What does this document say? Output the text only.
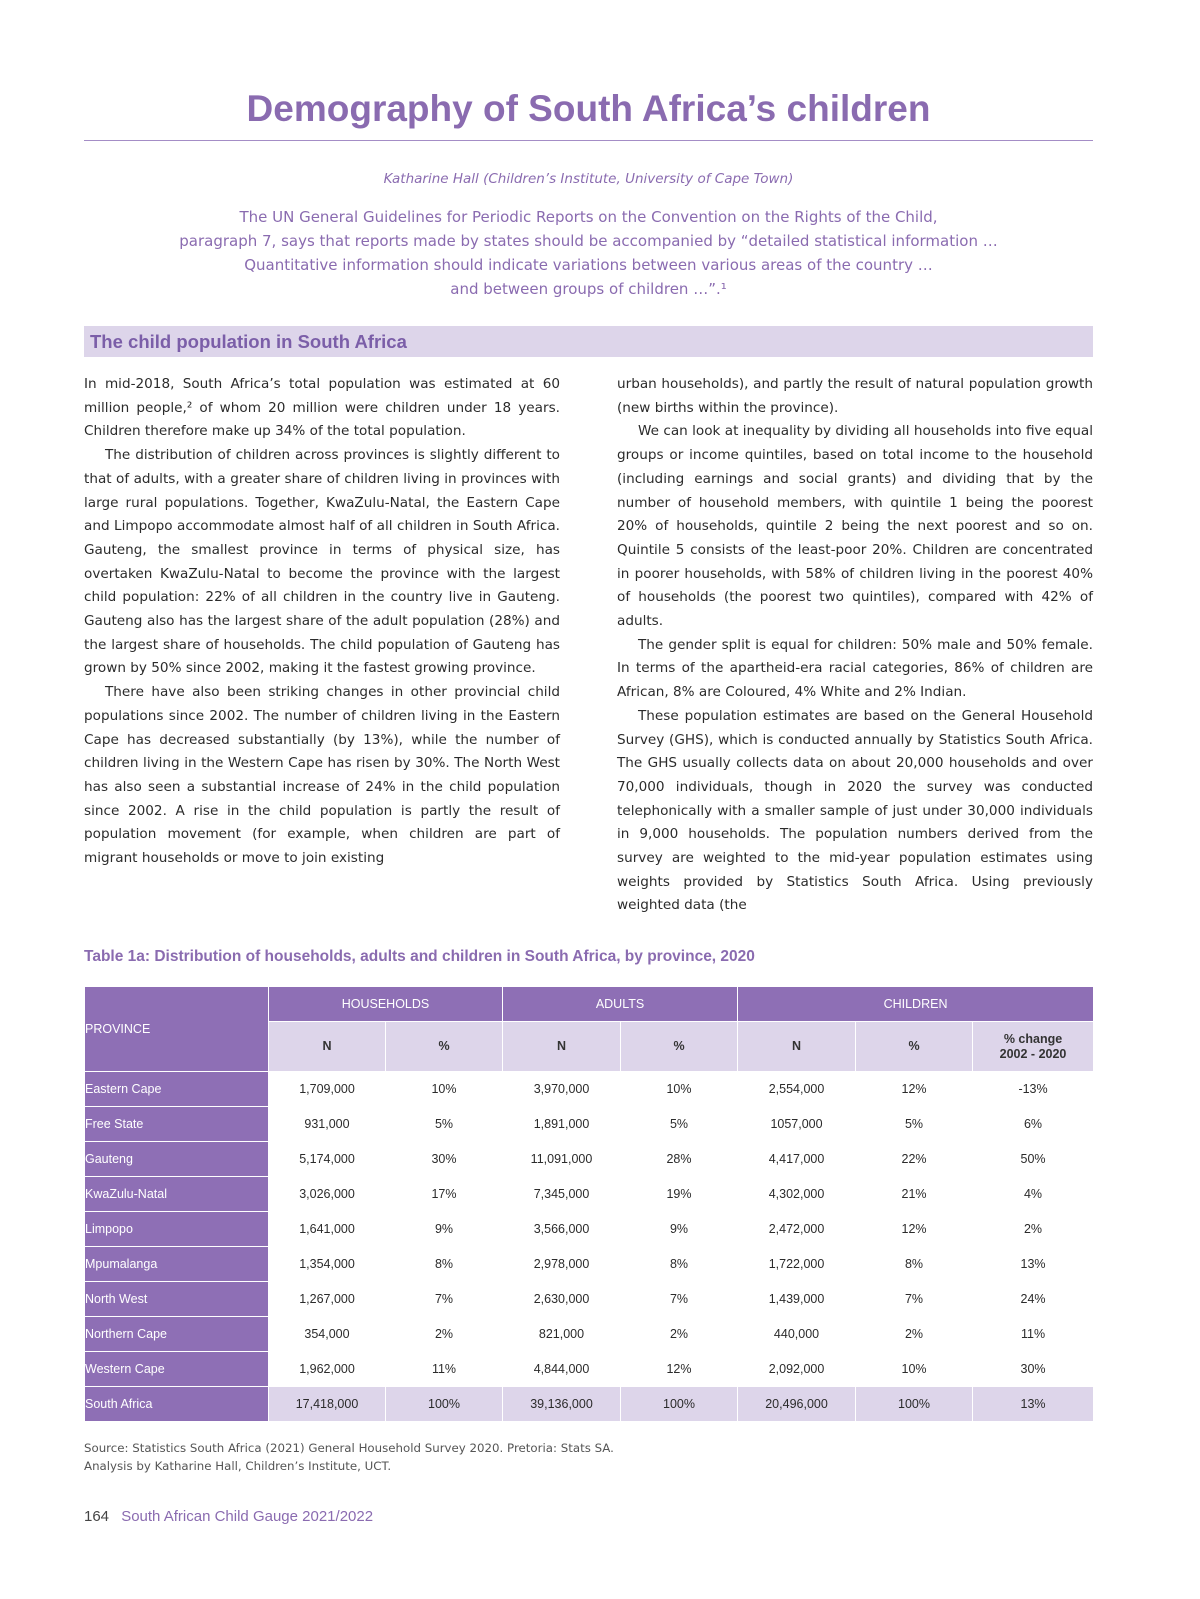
Demography of South Africa’s children
Katharine Hall (Children’s Institute, University of Cape Town)
The UN General Guidelines for Periodic Reports on the Convention on the Rights of the Child,
paragraph 7, says that reports made by states should be accompanied by “detailed statistical information …
Quantitative information should indicate variations between various areas of the country …
and between groups of children …”.¹
The child population in South Africa

In mid-2018, South Africa’s total population was estimated at 60 million people,² of whom 20 million were children under 18 years. Children therefore make up 34% of the total population.

The distribution of children across provinces is slightly different to that of adults, with a greater share of children living in provinces with large rural populations. Together, KwaZulu-Natal, the Eastern Cape and Limpopo accommodate almost half of all children in South Africa. Gauteng, the smallest province in terms of physical size, has overtaken KwaZulu-Natal to become the province with the largest child population: 22% of all children in the country live in Gauteng. Gauteng also has the largest share of the adult population (28%) and the largest share of households. The child population of Gauteng has grown by 50% since 2002, making it the fastest growing province.

There have also been striking changes in other provincial child populations since 2002. The number of children living in the Eastern Cape has decreased substantially (by 13%), while the number of children living in the Western Cape has risen by 30%. The North West has also seen a substantial increase of 24% in the child population since 2002. A rise in the child population is partly the result of population movement (for example, when children are part of migrant households or move to join existing

urban households), and partly the result of natural population growth (new births within the province).

We can look at inequality by dividing all households into five equal groups or income quintiles, based on total income to the household (including earnings and social grants) and dividing that by the number of household members, with quintile 1 being the poorest 20% of households, quintile 2 being the next poorest and so on. Quintile 5 consists of the least-poor 20%. Children are concentrated in poorer households, with 58% of children living in the poorest 40% of households (the poorest two quintiles), compared with 42% of adults.

The gender split is equal for children: 50% male and 50% female. In terms of the apartheid-era racial categories, 86% of children are African, 8% are Coloured, 4% White and 2% Indian.

These population estimates are based on the General Household Survey (GHS), which is conducted annually by Statistics South Africa. The GHS usually collects data on about 20,000 households and over 70,000 individuals, though in 2020 the survey was conducted telephonically with a smaller sample of just under 30,000 individuals in 9,000 households. The population numbers derived from the survey are weighted to the mid-year population estimates using weights provided by Statistics South Africa. Using previously weighted data (the

Table 1a: Distribution of households, adults and children in South Africa, by province, 2020
PROVINCE	HOUSEHOLDS		ADULTS		CHILDREN		
	N	%	N	%	N	%	% change
2002 - 2020
Eastern Cape	1,709,000	10%	3,970,000	10%	2,554,000	12%	-13%
Free State	931,000	5%	1,891,000	5%	1057,000	5%	6%
Gauteng	5,174,000	30%	11,091,000	28%	4,417,000	22%	50%
KwaZulu-Natal	3,026,000	17%	7,345,000	19%	4,302,000	21%	4%
Limpopo	1,641,000	9%	3,566,000	9%	2,472,000	12%	2%
Mpumalanga	1,354,000	8%	2,978,000	8%	1,722,000	8%	13%
North West	1,267,000	7%	2,630,000	7%	1,439,000	7%	24%
Northern Cape	354,000	2%	821,000	2%	440,000	2%	11%
Western Cape	1,962,000	11%	4,844,000	12%	2,092,000	10%	30%
South Africa	17,418,000	100%	39,136,000	100%	20,496,000	100%	13%
Source: Statistics South Africa (2021) General Household Survey 2020. Pretoria: Stats SA.
Analysis by Katharine Hall, Children’s Institute, UCT.
164 South African Child Gauge 2021/2022
